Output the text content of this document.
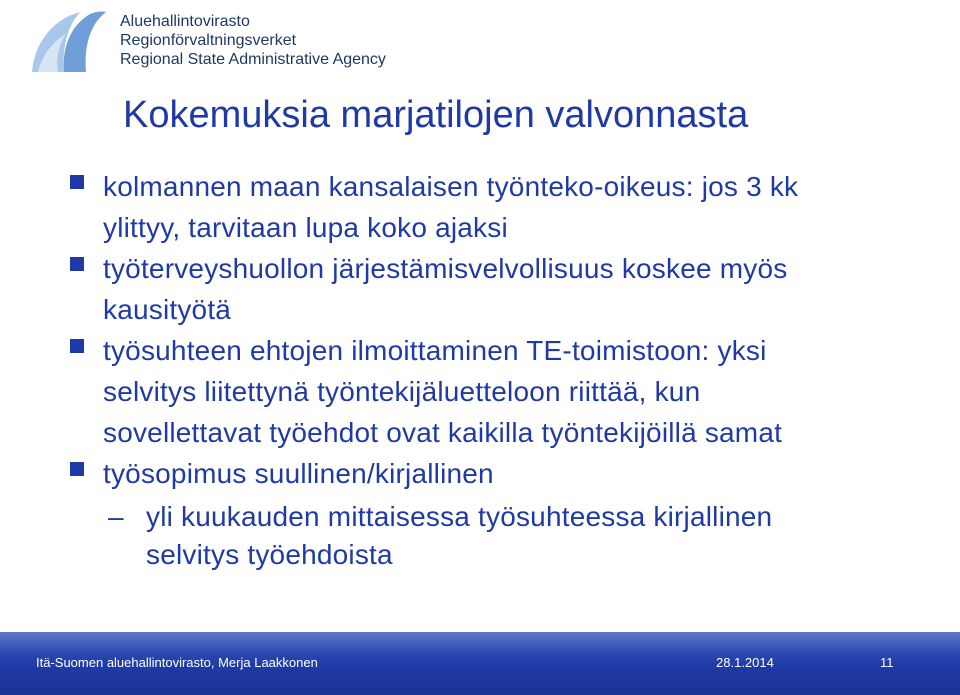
Aluehallintovirasto
Regionförvaltningsverket
Regional State Administrative Agency
Kokemuksia marjatilojen valvonnasta
kolmannen maan kansalaisen työnteko-oikeus: jos 3 kk
ylittyy, tarvitaan lupa koko ajaksi
työterveyshuollon järjestämisvelvollisuus koskee myös
kausityötä
työsuhteen ehtojen ilmoittaminen TE-toimistoon: yksi
selvitys liitettynä työntekijäluetteloon riittää, kun
sovellettavat työehdot ovat kaikilla työntekijöillä samat
työsopimus suullinen/kirjallinen
– yli kuukauden mittaisessa työsuhteessa kirjallinen
selvitys työehdoista
Itä-Suomen aluehallintovirasto, Merja Laakkonen	28.1.2014	11
